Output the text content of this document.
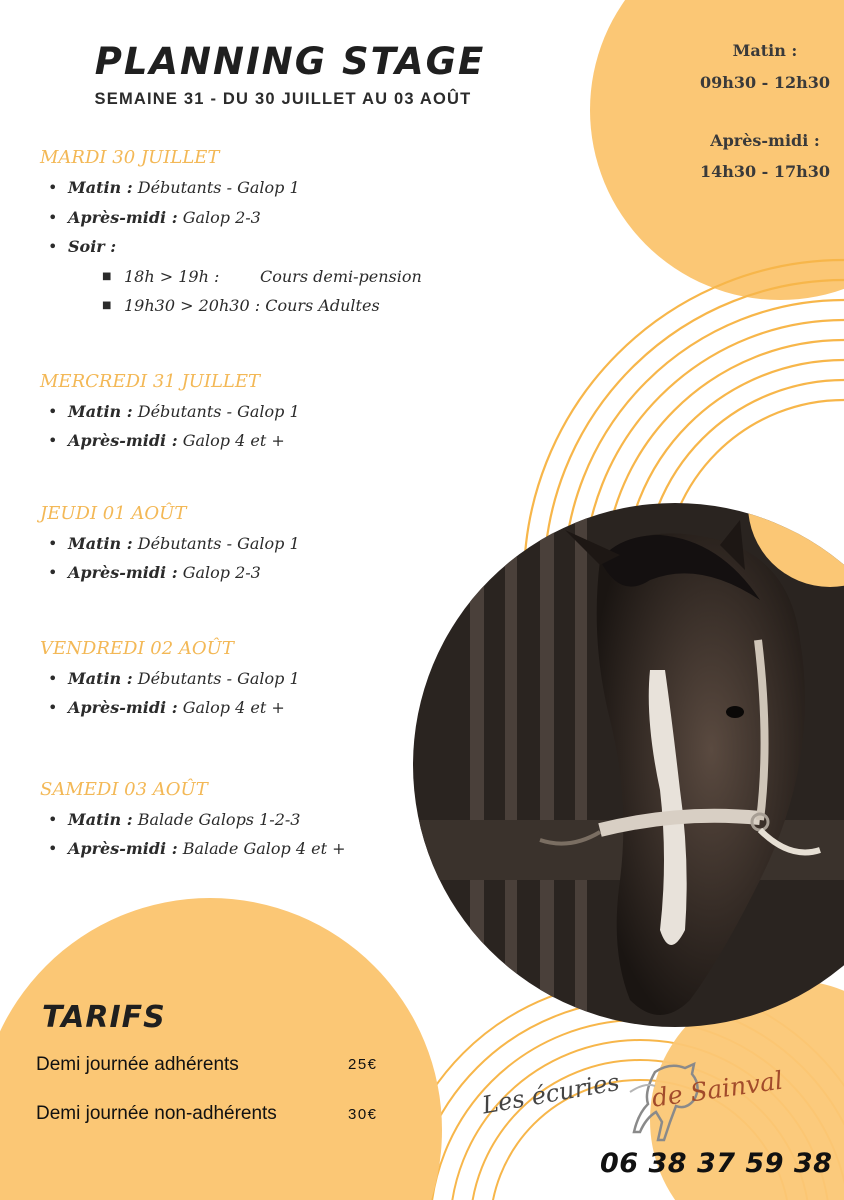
PLANNING STAGE
SEMAINE 31 - DU 30 JUILLET AU 03 AOÛT
Matin :
09h30 - 12h30
Après-midi :
14h30 - 17h30
MARDI 30 JUILLET
• Matin : Débutants - Galop 1
• Après-midi : Galop 2-3
• Soir :
■ 18h > 19h :	Cours demi-pension
■ 19h30 > 20h30 : Cours Adultes
MERCREDI 31 JUILLET
• Matin : Débutants - Galop 1
• Après-midi : Galop 4 et +
JEUDI 01 AOÛT
• Matin : Débutants - Galop 1
• Après-midi : Galop 2-3
VENDREDI 02 AOÛT
• Matin : Débutants - Galop 1
• Après-midi : Galop 4 et +
SAMEDI 03 AOÛT
• Matin : Balade Galops 1-2-3
• Après-midi : Balade Galop 4 et +
TARIFS
Demi journée adhérents	25€
Demi journée non-adhérents	30€	Les écuries de Sainval
06 38 37 59 38
